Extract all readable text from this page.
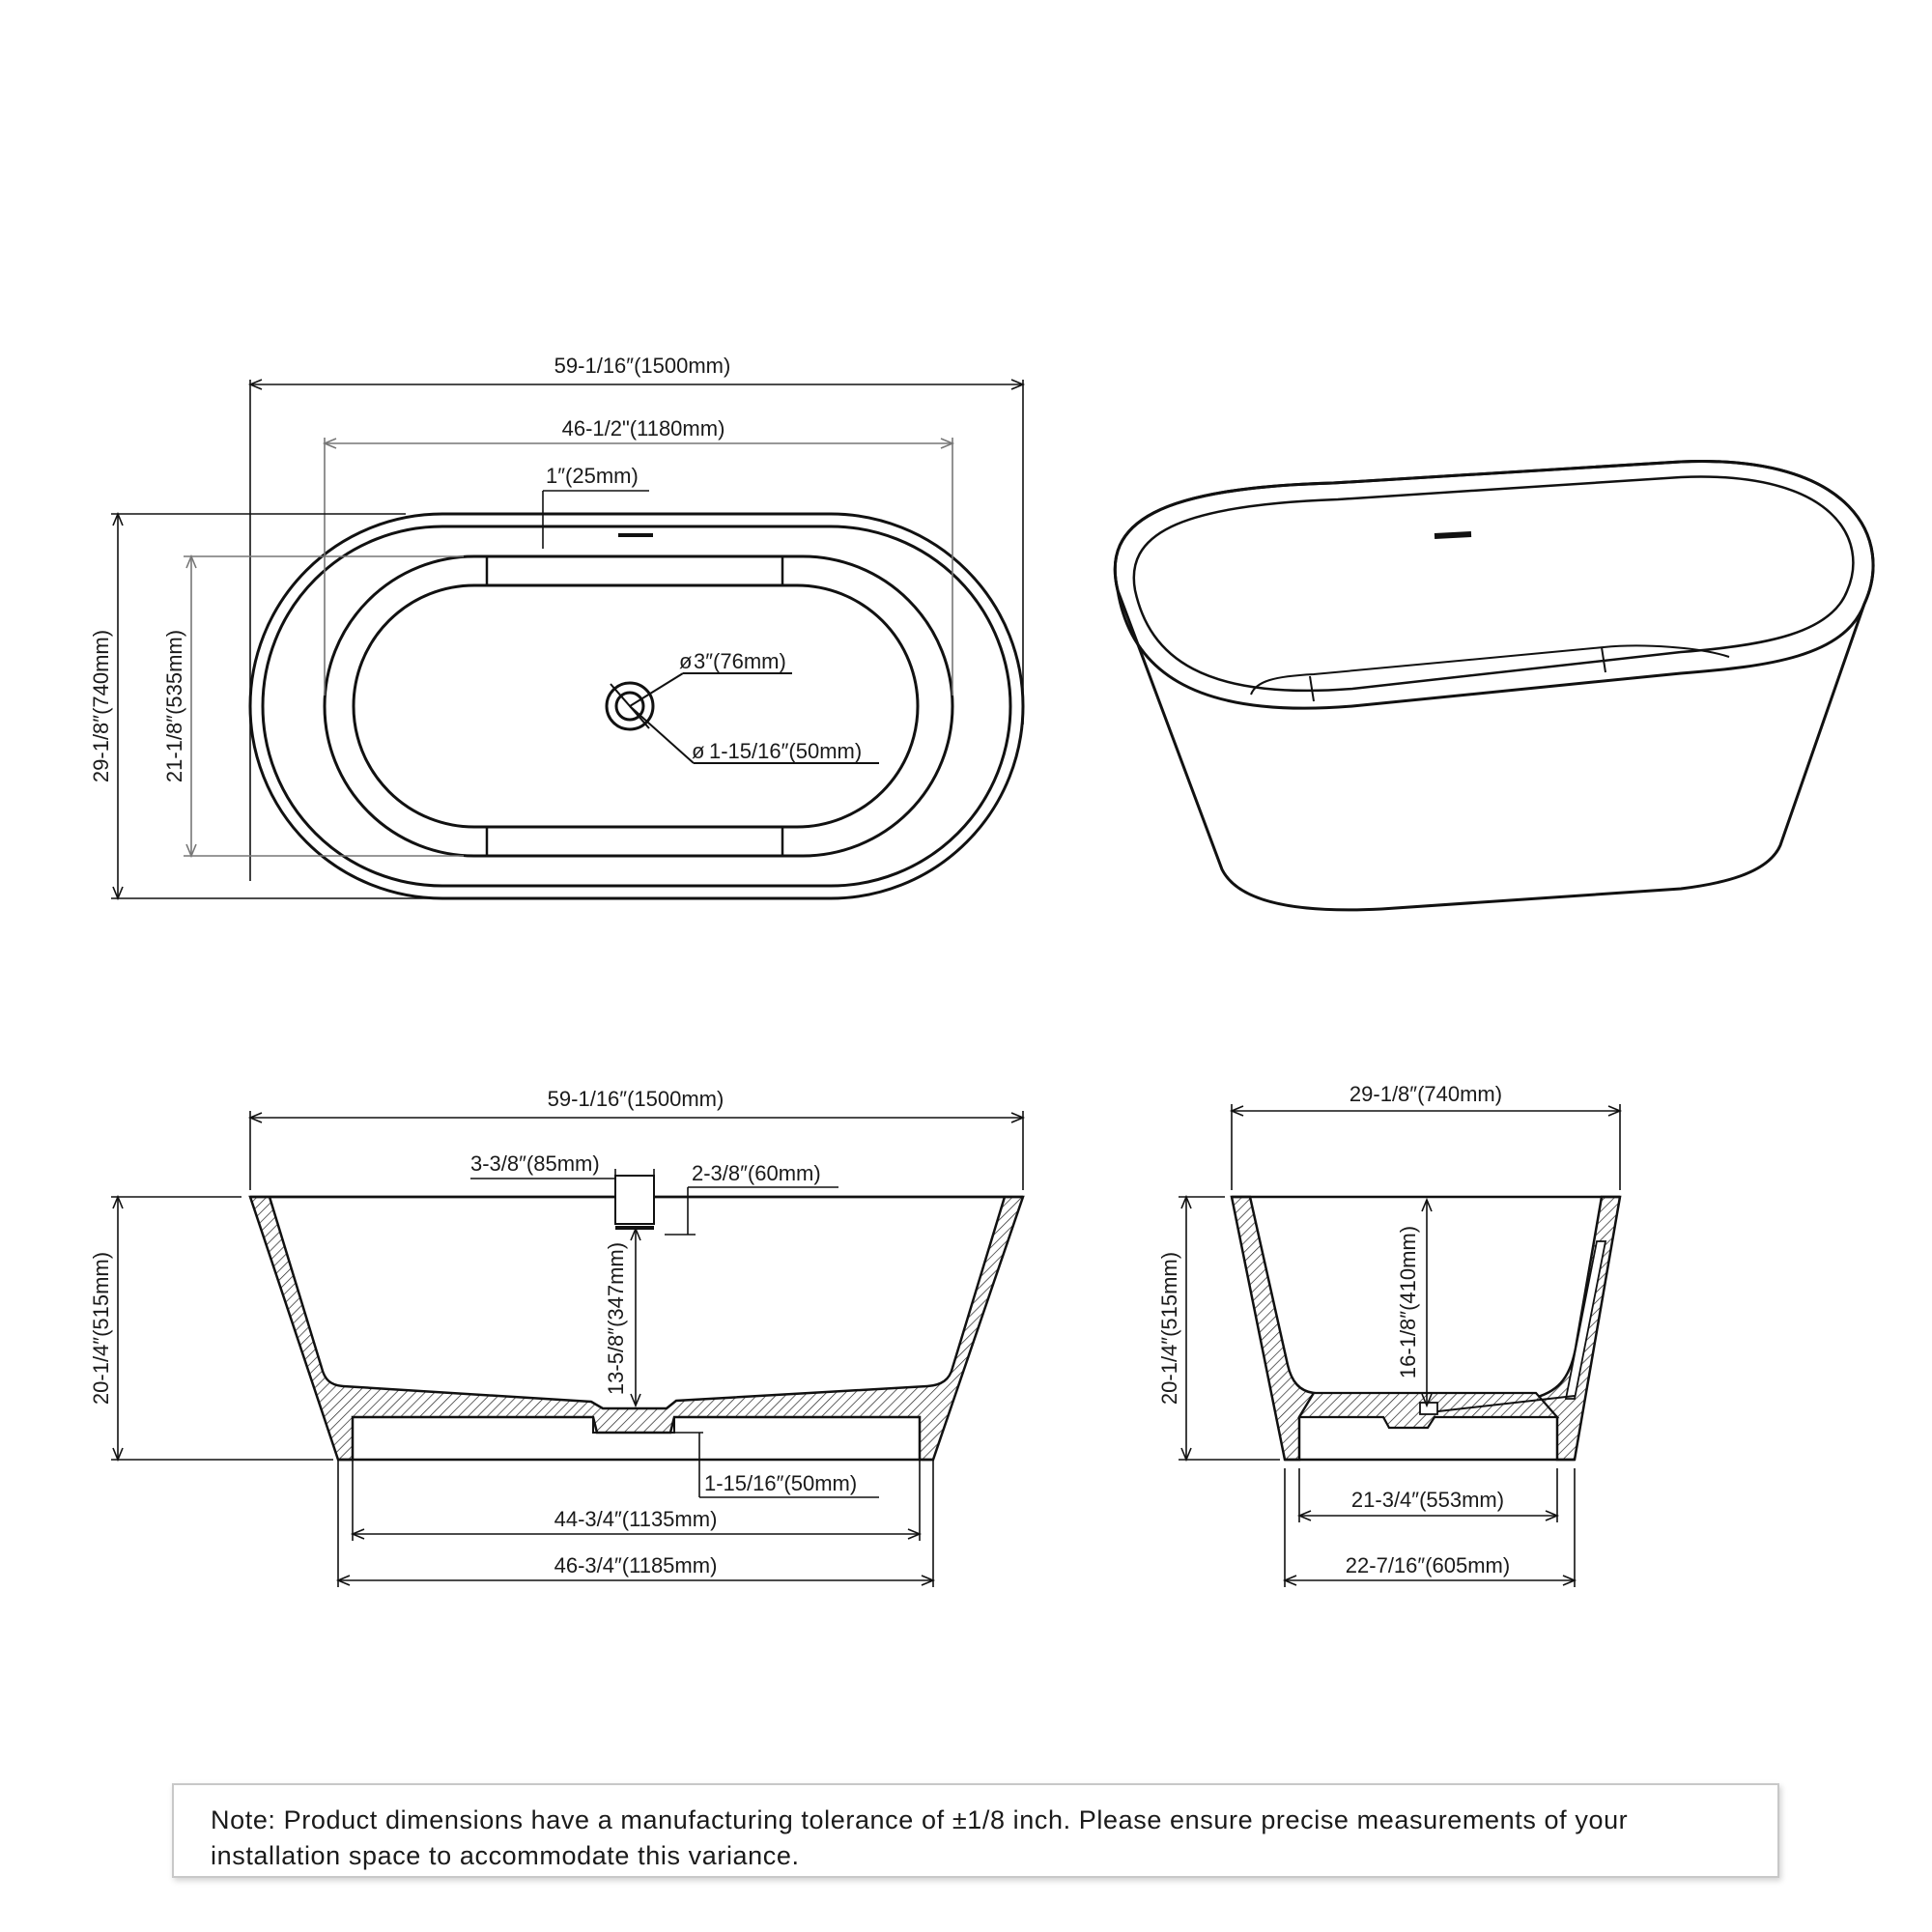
59-1/16″(1500mm)
46-1/2"(1180mm)
1″(25mm)
29-1/8″(740mm) 21-1/8″(535mm)	ø 3″(76mm)
ø 1-15/16″(50mm)
59-1/16″(1500mm)
3-3/8″(85mm)	2-3/8″(60mm)
13-5/8″(347mm)
20-1/4″(515mm)
1-15/16″(50mm)
44-3/4″(1135mm)
46-3/4″(1185mm)
29-1/8″(740mm)
16-1/8″(410mm)
20-1/4″(515mm)
21-3/4″(553mm)
22-7/16″(605mm)
Note: Product dimensions have a manufacturing tolerance of ±1/8 inch. Please ensure precise measurements of your installation space to accommodate this variance.
